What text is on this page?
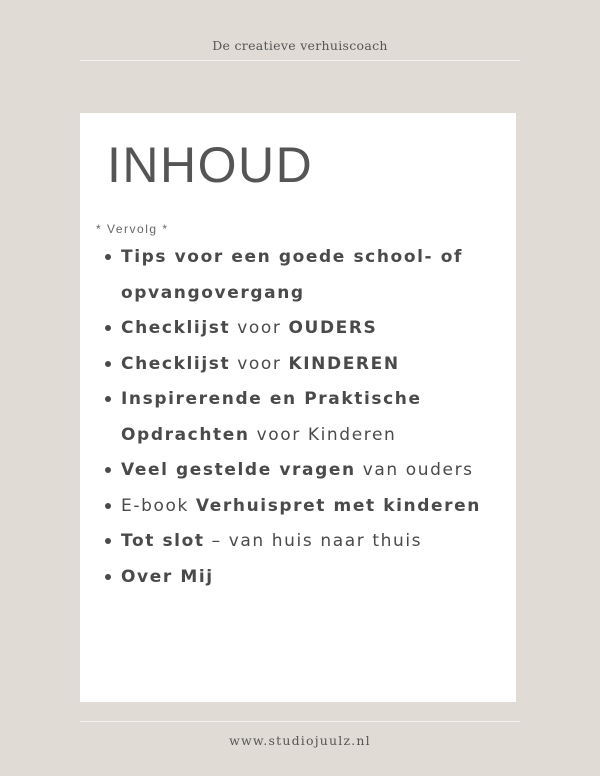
De creatieve verhuiscoach
INHOUD
* Vervolg *
Tips voor een goede school- of opvangovergang
Checklijst voor OUDERS
Checklijst voor KINDEREN
Inspirerende en Praktische Opdrachten voor Kinderen
Veel gestelde vragen van ouders
E-book Verhuispret met kinderen
Tot slot – van huis naar thuis
Over Mij
www.studiojuulz.nl
